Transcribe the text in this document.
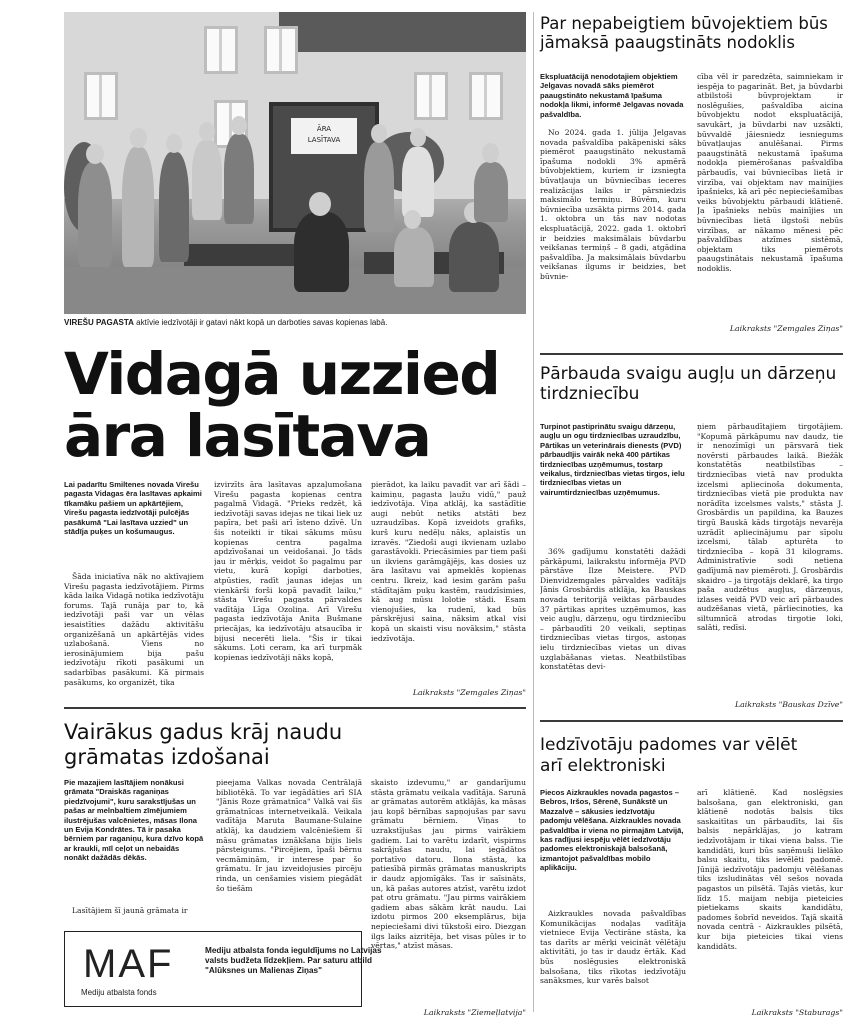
ĀRA
LASĪTAVA
VIREŠU PAGASTA aktīvie iedzīvotāji ir gatavi nākt kopā un darboties savas kopienas labā.
Vidagā uzzied
āra lasītava
Lai padarītu Smiltenes novada Virešu pagasta Vidagas ēra lasītavas apkaimi tīkamāku pašiem un apkārtējiem, Virešu pagasta iedzīvotāji pulcējās pasākumā "Lai lasītava uzzied" un stādīja puķes un košumaugus.

Šāda iniciatīva nāk no aktīvajiem Virešu pagasta iedzīvotājiem. Pirms kāda laika Vidagā notika iedzīvotāju forums. Tajā runāja par to, kā iedzīvotāji paši var un vēlas iesaistīties dažādu aktivitāšu organizēšanā un apkārtējās vides uzlabošanā. Viens no ierosinājumiem bija pašu iedzīvotāju rīkoti pasākumi un sadarbības pasākumi. Kā pirmais pasākums, ko organizēt, tika

izvirzīts āra lasītavas apzaļumošana Virešu pagasta kopienas centra pagalmā Vidagā. "Prieks redzēt, kā iedzīvotāji savas idejas ne tikai liek uz papīra, bet paši arī īsteno dzīvē. Un šis noteikti ir tikai sākums mūsu kopienas centra pagalma apdzīvošanai un veidošanai. Jo tāds jau ir mērķis, veidot šo pagalmu par vietu, kurā kopīgi darboties, atpūsties, radīt jaunas idejas un vienkārši forši kopā pavadīt laiku," stāsta Virešu pagasta pārvaldes vadītāja Līga Ozoliņa. Arī Virešu pagasta iedzīvotāja Anita Bušmane priecājas, ka iedzīvotāju atsaucība ir bijusi necerēti liela. "Šis ir tikai sākums. Ļoti ceram, ka arī turpmāk kopienas iedzīvotāji nāks kopā,

pierādot, ka laiku pavadīt var arī šādi – kaimiņu, pagasta ļaužu vidū," pauž iedzīvotāja. Viņa atklāj, ka sastādītie augi nebūt netiks atstāti bez uzraudzības. Kopā izveidots grafiks, kurš kuru nedēļu nāks, aplaistīs un izravēs. "Ziedoši augi ikvienam uzlabo garastāvokli. Priecāsimies par tiem paši un ikviens garāmgājējs, kas dosies uz āra lasītavu vai apmeklēs kopienas centru. Ikreiz, kad iesim garām pašu stādītajām puķu kastēm, raudzīsimies, kā aug mūsu lolotie stādi. Esam vienojušies, ka rudenī, kad būs pārskrējusi saina, nāksim atkal visi kopā un skaisti visu novāksim," stāsta iedzīvotāja.

Laikraksts "Zemgales Ziņas"
Vairākus gadus krāj naudu
grāmatas izdošanai
Pie mazajiem lasītājiem nonākusi grāmata "Draiskās raganiņas piedzīvojumi", kuru sarakstījušas un pašas ar melnbaltiem zīmējumiem ilustrējušas valcēnietes, māsas Ilona un Evija Kondrātes. Tā ir pasaka bērniem par raganiņu, kura dzīvo kopā ar kraukli, mīl ceļot un nebaidās nonākt dažādās dēkās.

Lasītājiem šī jaunā grāmata ir

pieejama Valkas novada Centrālajā bibliotēkā. To var iegādāties arī SIA "Jānis Roze grāmatnīca" Valkā vai šīs grāmatnīcas internetveikalā. Veikala vadītāja Maruta Baumane-Sulaine atklāj, ka daudziem valcēniešiem šī māsu grāmatas iznākšana bijis liels pārsteigums. "Pircējiem, īpaši bērnu vecmāmiņām, ir interese par šo grāmatu. Ir jau izveidojusies pircēju rinda, un cenšamies visiem piegādāt šo tiešām

skaisto izdevumu," ar gandarījumu stāsta grāmatu veikala vadītāja. Sarunā ar grāmatas autorēm atklājās, ka māsas jau kopš bērnības sapņojušas par savu grāmatu bērniem. Viņas to uzrakstījušas jau pirms vairākiem gadiem. Lai to varētu izdarīt, vispirms sakrājušas naudu, lai iegādātos portatīvo datoru. Ilona stāsta, ka patiesībā pirmās grāmatas manuskripts ir daudz apjomīgāks. Tas ir saīsināts, un, kā pašas autores atzīst, varētu izdot pat otru grāmatu. "Jau pirms vairākiem gadiem abas sākām krāt naudu. Lai izdotu pirmos 200 eksemplārus, bija nepieciešami divi tūkstoši eiro. Diezgan ilgs laiks aizritēja, bet visas pūles ir to vērtas," atzīst māsas.

Laikraksts "Ziemeļlatvija"
MAF
Mediju atbalsta fonds
Mediju atbalsta fonda ieguldījums no Latvijas valsts budžeta līdzekļiem. Par saturu atbild "Alūksnes un Malienas Ziņas"
Par nepabeigtiem būvojektiem būs jāmaksā paaugstināts nodoklis
Ekspluatācijā nenodotajiem objektiem Jelgavas novadā sāks piemērot paaugstināto nekustamā īpašuma nodokļa likmi, informē Jelgavas novada pašvaldība.

No 2024. gada 1. jūlija Jelgavas novada pašvaldība pakāpeniski sāks piemērot paaugstināto nekustamā īpašuma nodokli 3% apmērā būvobjektiem, kuriem ir izsniegta būvatļauja un būvniecības ieceres realizācijas laiks ir pārsniedzis maksimālo termiņu. Būvēm, kuru būvniecība uzsākta pirms 2014. gada 1. oktobra un tās nav nodotas ekspluatācijā, 2022. gada 1. oktobrī ir beidzies maksimālais būvdarbu veikšanas termiņš – 8 gadi, atgādina pašvaldība. Ja maksimālais būvdarbu veikšanas ilgums ir beidzies, bet būvnie-

cība vēl ir paredzēta, saimniekam ir iespēja to pagarināt. Bet, ja būvdarbi atbilstoši būvprojektam ir noslēgušies, pašvaldība aicina būvobjektu nodot ekspluatācijā, savukārt, ja būvdarbi nav uzsākti, būvvaldē jāiesniedz iesniegums būvatļaujas anulēšanai. Pirms paaugstinātā nekustamā īpašuma nodokļa piemērošanas pašvaldība pārbaudīs, vai būvniecības lietā ir virzība, vai objektam nav mainījies īpašnieks, kā arī pēc nepieciešamības veiks būvobjektu pārbaudi klātienē. Ja īpašnieks nebūs mainījies un būvniecības lietā ilgstoši nebūs virzības, ar nākamo mēnesi pēc pašvaldības atzīmes sistēmā, objektam tiks piemērots paaugstinātais nekustamā īpašuma nodoklis.

Laikraksts "Zemgales Ziņas"
Pārbauda svaigu augļu un dārzeņu tirdzniecību
Turpinot pastiprinātu svaigu dārzeņu, augļu un ogu tirdzniecības uzraudzību, Pārtikas un veterinārais dienests (PVD) pārbaudījis vairāk nekā 400 pārtikas tirdzniecības uzņēmumus, tostarp veikalus, tirdzniecības vietas tirgos, ielu tirdzniecības vietas un vairumtirdzniecības uzņēmumus.

36% gadījumu konstatēti dažādi pārkāpumi, laikrakstu informēja PVD pārstāve Ilze Meistere. PVD Dienvidzemgales pārvaldes vadītājs Jānis Grosbārdis atklāja, ka Bauskas novada teritorijā veiktas pārbaudes 37 pārtikas aprites uzņēmumos, kas veic augļu, dārzeņu, ogu tirdzniecību – pārbaudīti 20 veikali, septiņas tirdzniecības vietas tirgos, astoņas ielu tirdzniecības vietas un divas uzglabāšanas vietas. Neatbilstības konstatētas devi-

ņiem pārbaudītajiem tirgotājiem. "Kopumā pārkāpumu nav daudz, tie ir nenozīmīgi un pārsvarā tiek novērsti pārbaudes laikā. Biežāk konstatētās neatbilstības – tirdzniecības vietā nav produkta izcelsmi apliecinoša dokumenta, tirdzniecības vietā pie produkta nav norādīta izcelsmes valsts," stāsta J. Grosbārdis un papildina, ka Bauzes tirgū Bauskā kāds tirgotājs nevarēja uzrādīt apliecinājumu par sīpolu izcelsmi, tālab apturēta to tirdzniecība – kopā 31 kilograms. Administratīvie sodi netiena gadījumā nav piemēroti. J. Grosbārdis skaidro – ja tirgotājs deklarē, ka tirgo paša audzētus augļus, dārzeņus, izlases veidā PVD veic arī pārbaudes audzēšanas vietā, pārliecinoties, ka siltumnīcā atrodas tirgotie loki, salāti, redīsi.

Laikraksts "Bauskas Dzīve"
Iedzīvotāju padomes var vēlēt
arī elektroniski
Piecos Aizkraukles novada pagastos – Bebros, Iršos, Sērenē, Sunākstē un Mazzalvē – sākusies iedzīvotāju padomju vēlēšana. Aizkraukles novada pašvaldība ir viena no pirmajām Latvijā, kas radījusi iespēju vēlēt iedzīvotāju padomes elektroniskajā balsošanā, izmantojot pašvaldības mobilo aplikāciju.

Aizkraukles novada pašvaldības Komunikācijas nodaļas vadītāja vietniece Evija Vectirāne stāsta, ka tas darīts ar mērķi veicināt vēlētāju aktivitāti, jo tas ir daudz ērtāk. Kad būs noslēgusies elektroniskā balsošana, tiks rīkotas iedzīvotāju sanāksmes, kur varēs balsot

arī klātienē. Kad noslēgsies balsošana, gan elektroniski, gan klātienē nodotās balsis tiks saskaitītas un pārbaudīts, lai šīs balsis nepārklājas, jo katram iedzīvotājam ir tikai viena balss. Tie kandidāti, kuri būs saņēmuši lielāko balsu skaitu, tiks ievēlēti padomē. Jūnijā iedzīvotāju padomju vēlēšanas tiks izsludinātas vēl sešos novada pagastos un pilsētā. Tajās vietās, kur līdz 15. maijam nebija pieteicies pietiekams skaits kandidātu, padomes šobrīd neveidos. Tajā skaitā novada centrā - Aizkraukles pilsētā, kur bija pieteicies tikai viens kandidāts.

Laikraksts "Staburags"
